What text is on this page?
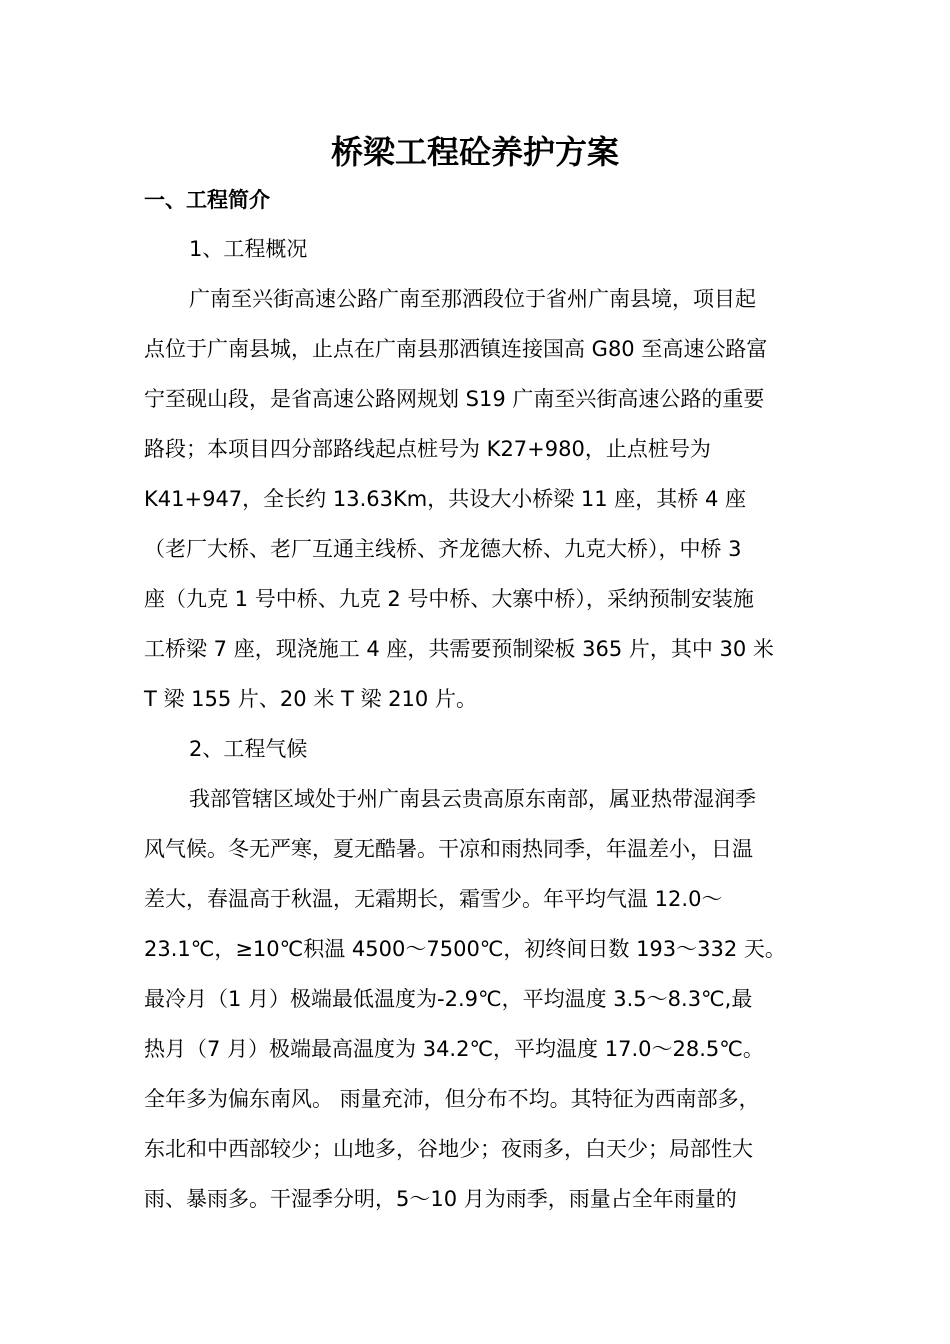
桥梁工程砼养护方案
一、工程简介
1、工程概况
广南至兴街高速公路广南至那洒段位于省州广南县境，项目起
点位于广南县城，止点在广南县那洒镇连接国高 G80 至高速公路富
宁至砚山段，是省高速公路网规划 S19 广南至兴街高速公路的重要
路段；本项目四分部路线起点桩号为 K27+980，止点桩号为
K41+947，全长约 13.63Km，共设大小桥梁 11 座，其桥 4 座
（老厂大桥、老厂互通主线桥、齐龙德大桥、九克大桥），中桥 3
座（九克 1 号中桥、九克 2 号中桥、大寨中桥），采纳预制安装施
工桥梁 7 座，现浇施工 4 座，共需要预制梁板 365 片，其中 30 米
T 梁 155 片、20 米 T 梁 210 片。
2、工程气候
我部管辖区域处于州广南县云贵高原东南部，属亚热带湿润季
风气候。冬无严寒，夏无酷暑。干凉和雨热同季，年温差小，日温
差大，春温高于秋温，无霜期长，霜雪少。年平均气温 12.0～
23.1℃，≥10℃积温 4500～7500℃，初终间日数 193～332 天。
最冷月（1 月）极端最低温度为-2.9℃，平均温度 3.5～8.3℃,最
热月（7 月）极端最高温度为 34.2℃，平均温度 17.0～28.5℃。
全年多为偏东南风。 雨量充沛，但分布不均。其特征为西南部多，
东北和中西部较少；山地多，谷地少；夜雨多，白天少；局部性大
雨、暴雨多。干湿季分明，5～10 月为雨季，雨量占全年雨量的
